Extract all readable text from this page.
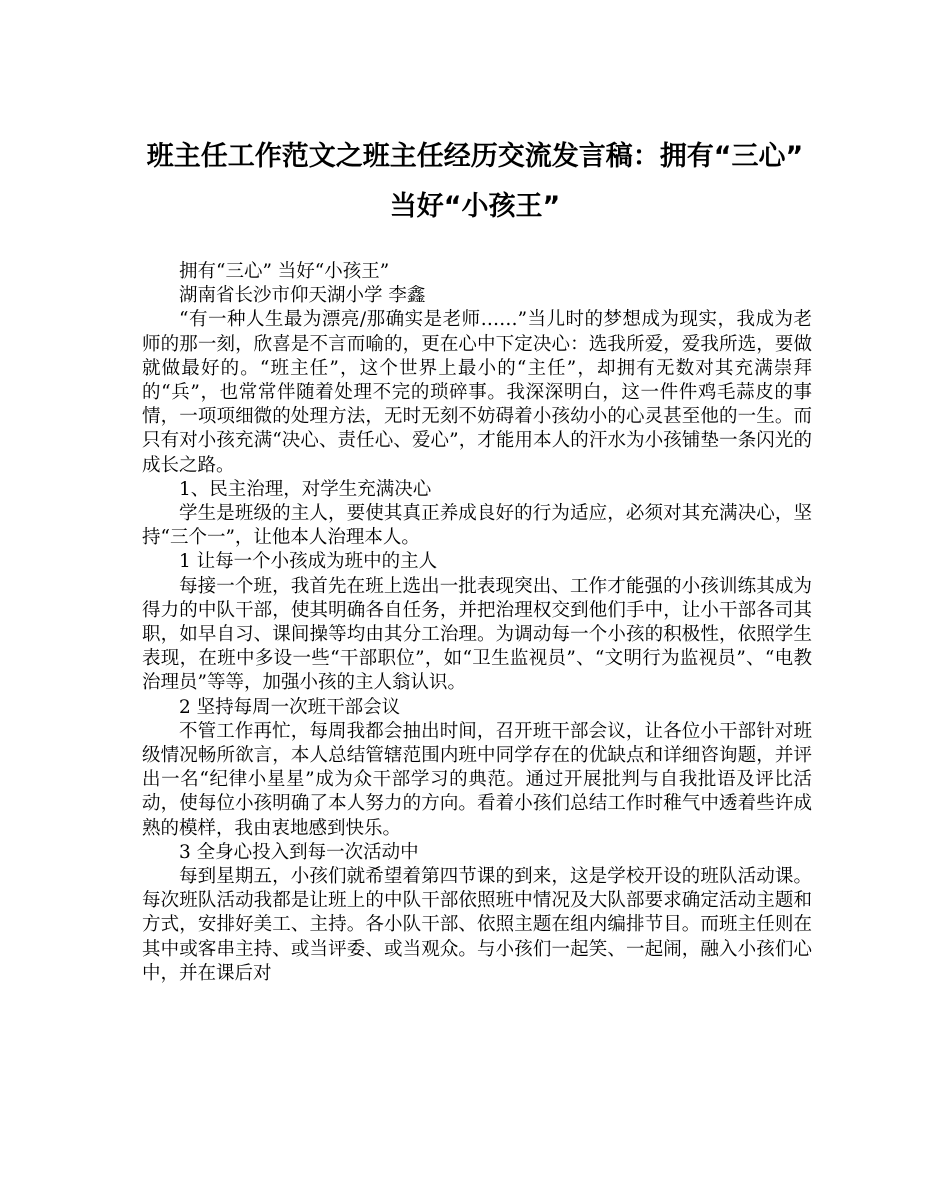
班主任工作范文之班主任经历交流发言稿：拥有“三心” 当好“小孩王”

拥有“三心” 当好“小孩王”

湖南省长沙市仰天湖小学 李鑫

“有一种人生最为漂亮/那确实是老师……”当儿时的梦想成为现实，我成为老师的那一刻，欣喜是不言而喻的，更在心中下定决心：选我所爱，爱我所选，要做就做最好的。“班主任”，这个世界上最小的“主任”，却拥有无数对其充满崇拜的“兵”，也常常伴随着处理不完的琐碎事。我深深明白，这一件件鸡毛蒜皮的事情，一项项细微的处理方法，无时无刻不妨碍着小孩幼小的心灵甚至他的一生。而只有对小孩充满“决心、责任心、爱心”，才能用本人的汗水为小孩铺垫一条闪光的成长之路。

1、民主治理，对学生充满决心

学生是班级的主人，要使其真正养成良好的行为适应，必须对其充满决心，坚持“三个一”，让他本人治理本人。

1 让每一个小孩成为班中的主人

每接一个班，我首先在班上选出一批表现突出、工作才能强的小孩训练其成为得力的中队干部，使其明确各自任务，并把治理权交到他们手中，让小干部各司其职，如早自习、课间操等均由其分工治理。为调动每一个小孩的积极性，依照学生表现，在班中多设一些“干部职位”，如“卫生监视员”、“文明行为监视员”、“电教治理员”等等，加强小孩的主人翁认识。

2 坚持每周一次班干部会议

不管工作再忙，每周我都会抽出时间，召开班干部会议，让各位小干部针对班级情况畅所欲言，本人总结管辖范围内班中同学存在的优缺点和详细咨询题，并评出一名“纪律小星星”成为众干部学习的典范。通过开展批判与自我批语及评比活动，使每位小孩明确了本人努力的方向。看着小孩们总结工作时稚气中透着些许成熟的模样，我由衷地感到快乐。

3 全身心投入到每一次活动中

每到星期五，小孩们就希望着第四节课的到来，这是学校开设的班队活动课。每次班队活动我都是让班上的中队干部依照班中情况及大队部要求确定活动主题和方式，安排好美工、主持。各小队干部、依照主题在组内编排节目。而班主任则在其中或客串主持、或当评委、或当观众。与小孩们一起笑、一起闹，融入小孩们心中，并在课后对
